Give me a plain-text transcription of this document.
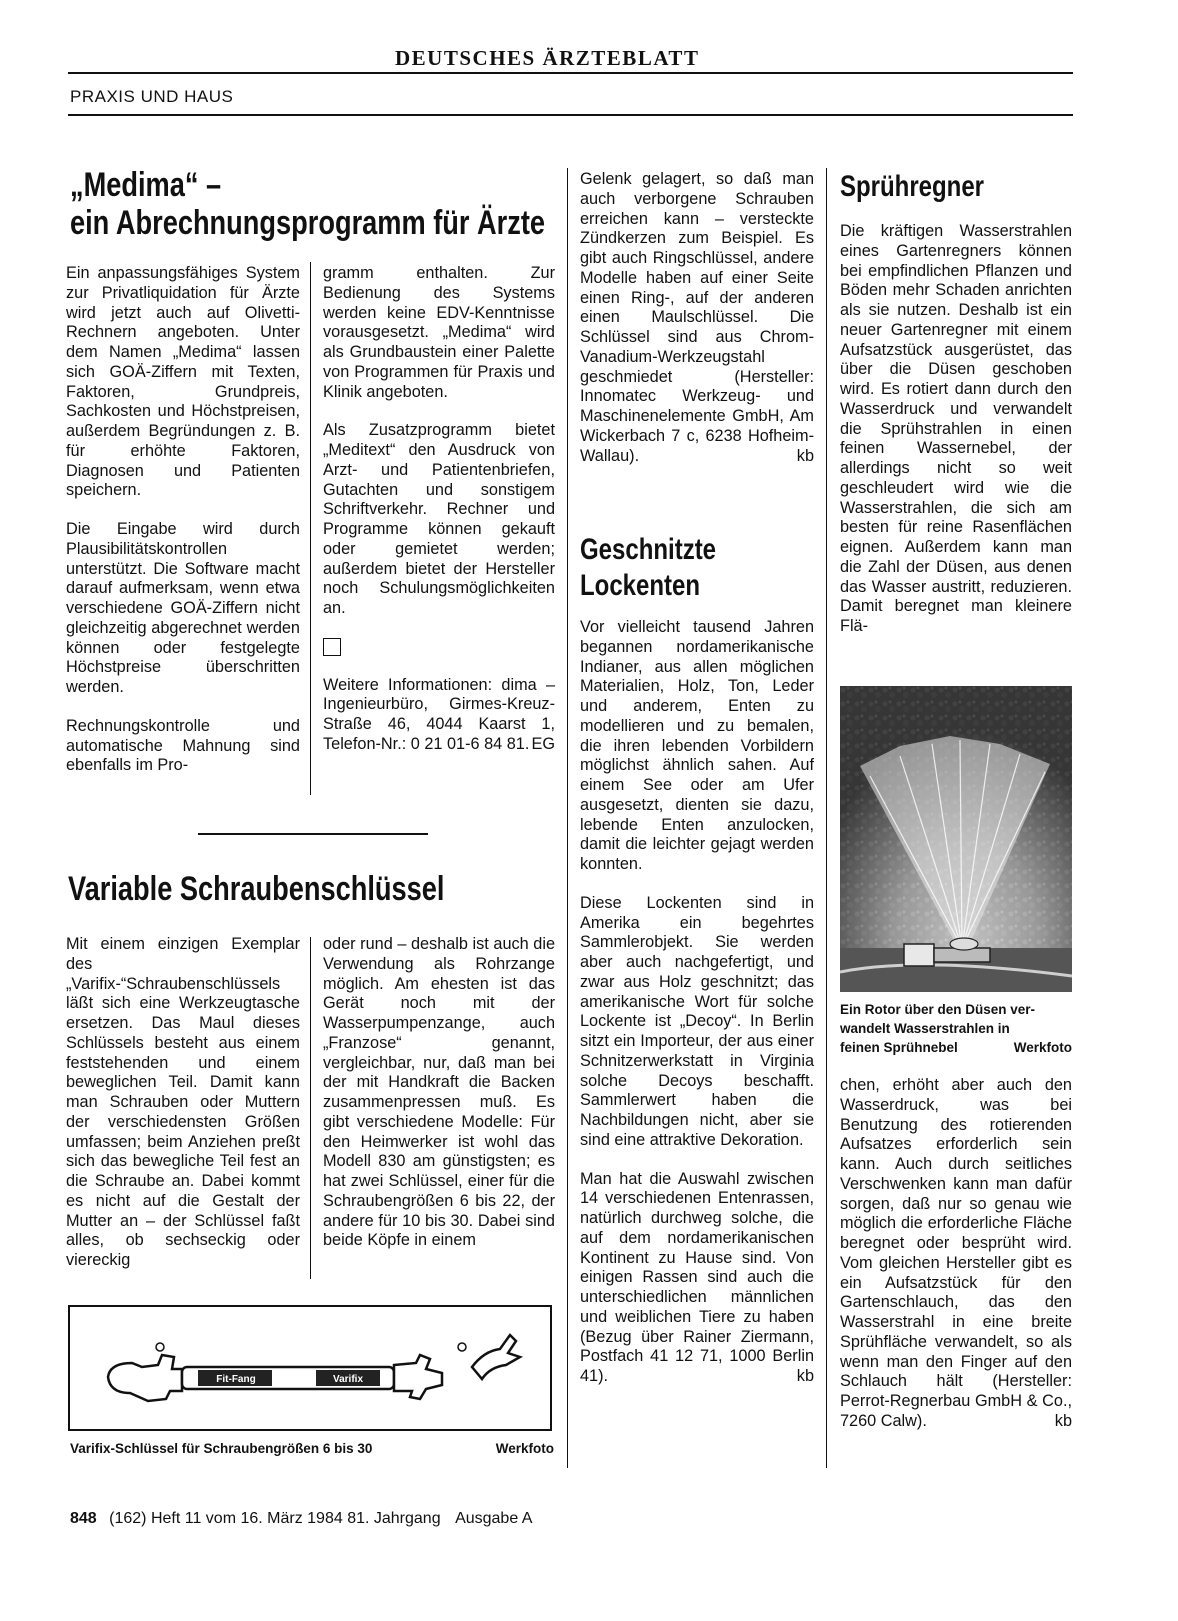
DEUTSCHES ÄRZTEBLATT
PRAXIS UND HAUS
„Medima“ –
ein Abrechnungsprogramm für Ärzte

Ein anpassungsfähiges System zur Privatliquidation für Ärzte wird jetzt auch auf Olivetti-Rechnern angeboten. Unter dem Namen „Medima“ lassen sich GOÄ-Ziffern mit Texten, Faktoren, Grundpreis, Sachkosten und Höchstpreisen, außerdem Begründungen z. B. für erhöhte Faktoren, Diagnosen und Patienten speichern.

Die Eingabe wird durch Plausibilitätskontrollen unterstützt. Die Software macht darauf aufmerksam, wenn etwa verschiedene GOÄ-Ziffern nicht gleichzeitig abgerechnet werden können oder festgelegte Höchstpreise überschritten werden.

Rechnungskontrolle und automatische Mahnung sind ebenfalls im Pro-

gramm enthalten. Zur Bedienung des Systems werden keine EDV-Kenntnisse vorausgesetzt. „Medima“ wird als Grundbaustein einer Palette von Programmen für Praxis und Klinik angeboten.

Als Zusatzprogramm bietet „Meditext“ den Ausdruck von Arzt- und Patientenbriefen, Gutachten und sonstigem Schriftverkehr. Rechner und Programme können gekauft oder gemietet werden; außerdem bietet der Hersteller noch Schulungsmöglichkeiten an.

Weitere Informationen: dima – Ingenieurbüro, Girmes-Kreuz-Straße 46, 4044 Kaarst 1, Telefon-Nr.: 0 21 01-6 84 81. EG

Variable Schraubenschlüssel
Mit einem einzigen Exemplar des „Varifix-“Schraubenschlüssels läßt sich eine Werkzeugtasche ersetzen. Das Maul dieses Schlüssels besteht aus einem feststehenden und einem beweglichen Teil. Damit kann man Schrauben oder Muttern der verschiedensten Größen umfassen; beim Anziehen preßt sich das bewegliche Teil fest an die Schraube an. Dabei kommt es nicht auf die Gestalt der Mutter an – der Schlüssel faßt alles, ob sechseckig oder viereckig
oder rund – deshalb ist auch die Verwendung als Rohrzange möglich. Am ehesten ist das Gerät noch mit der Wasserpumpenzange, auch „Franzose“ genannt, vergleichbar, nur, daß man bei der mit Handkraft die Backen zusammenpressen muß. Es gibt verschiedene Modelle: Für den Heimwerker ist wohl das Modell 830 am günstigsten; es hat zwei Schlüssel, einer für die Schraubengrößen 6 bis 22, der andere für 10 bis 30. Dabei sind beide Köpfe in einem
Fit-Fang	Varifix
Varifix-Schlüssel für Schraubengrößen 6 bis 30	Werkfoto
Gelenk gelagert, so daß man auch verborgene Schrauben erreichen kann – versteckte Zündkerzen zum Beispiel. Es gibt auch Ringschlüssel, andere Modelle haben auf einer Seite einen Ring-, auf der anderen einen Maulschlüssel. Die Schlüssel sind aus Chrom-Vanadium-Werkzeugstahl geschmiedet (Hersteller: Innomatec Werkzeug- und Maschinenelemente GmbH, Am Wickerbach 7 c, 6238 Hofheim-Wallau).	kb
Geschnitzte
Lockenten

Vor vielleicht tausend Jahren begannen nordamerikanische Indianer, aus allen möglichen Materialien, Holz, Ton, Leder und anderem, Enten zu modellieren und zu bemalen, die ihren lebenden Vorbildern möglichst ähnlich sahen. Auf einem See oder am Ufer ausgesetzt, dienten sie dazu, lebende Enten anzulocken, damit die leichter gejagt werden konnten.

Diese Lockenten sind in Amerika ein begehrtes Sammlerobjekt. Sie werden aber auch nachgefertigt, und zwar aus Holz geschnitzt; das amerikanische Wort für solche Lockente ist „Decoy“. In Berlin sitzt ein Importeur, der aus einer Schnitzerwerkstatt in Virginia solche Decoys beschafft. Sammlerwert haben die Nachbildungen nicht, aber sie sind eine attraktive Dekoration.

Man hat die Auswahl zwischen 14 verschiedenen Entenrassen, natürlich durchweg solche, die auf dem nordamerikanischen Kontinent zu Hause sind. Von einigen Rassen sind auch die unterschiedlichen männlichen und weiblichen Tiere zu haben (Bezug über Rainer Ziermann, Postfach 41 12 71, 1000 Berlin 41).	kb

Sprühregner
Die kräftigen Wasserstrahlen eines Gartenregners können bei empfindlichen Pflanzen und Böden mehr Schaden anrichten als sie nutzen. Deshalb ist ein neuer Gartenregner mit einem Aufsatzstück ausgerüstet, das über die Düsen geschoben wird. Es rotiert dann durch den Wasserdruck und verwandelt die Sprühstrahlen in einen feinen Wassernebel, der allerdings nicht so weit geschleudert wird wie die Wasserstrahlen, die sich am besten für reine Rasenflächen eignen. Außerdem kann man die Zahl der Düsen, aus denen das Wasser austritt, reduzieren. Damit beregnet man kleinere Flä-
Ein Rotor über den Düsen ver-
wandelt Wasserstrahlen in
feinen Sprühnebel	Werkfoto
chen, erhöht aber auch den Wasserdruck, was bei Benutzung des rotierenden Aufsatzes erforderlich sein kann. Auch durch seitliches Verschwenken kann man dafür sorgen, daß nur so genau wie möglich die erforderliche Fläche beregnet oder besprüht wird. Vom gleichen Hersteller gibt es ein Aufsatzstück für den Gartenschlauch, das den Wasserstrahl in eine breite Sprühfläche verwandelt, so als wenn man den Finger auf den Schlauch hält (Hersteller: Perrot-Regnerbau GmbH & Co., 7260 Calw).	kb
848 (162) Heft 11 vom 16. März 1984 81. Jahrgang Ausgabe A
